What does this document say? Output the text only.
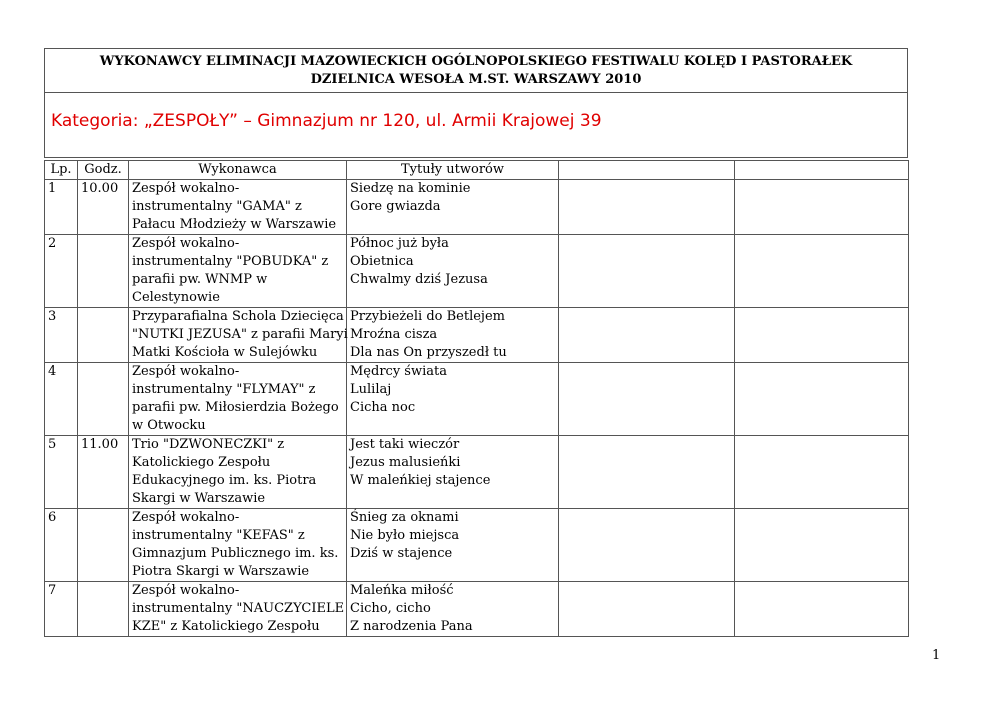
WYKONAWCY ELIMINACJI MAZOWIECKICH OGÓLNOPOLSKIEGO FESTIWALU KOLĘD I PASTORAŁEK
DZIELNICA WESOŁA M.ST. WARSZAWY 2010
Kategoria: „ZESPOŁY” – Gimnazjum nr 120, ul. Armii Krajowej 39
Lp.	Godz.	Wykonawca	Tytuły utworów		
1	10.00	Zespół wokalno-
instrumentalny "GAMA" z
Pałacu Młodzieży w Warszawie	Siedzę na kominie
Gore gwiazda		

2		Zespół wokalno-
instrumentalny "POBUDKA" z
parafii pw. WNMP w
Celestynowie	Północ już była
Obietnica
Chwalmy dziś Jezusa		

3		Przyparafialna Schola Dziecięca
"NUTKI JEZUSA" z parafii Maryi
Matki Kościoła w Sulejówku	Przybieżeli do Betlejem
Mroźna cisza
Dla nas On przyszedł tu		

4		Zespół wokalno-
instrumentalny "FLYMAY" z
parafii pw. Miłosierdzia Bożego
w Otwocku	Mędrcy świata
Lulilaj
Cicha noc		

5	11.00	Trio "DZWONECZKI" z
Katolickiego Zespołu
Edukacyjnego im. ks. Piotra
Skargi w Warszawie	Jest taki wieczór
Jezus malusieńki
W maleńkiej stajence		

6		Zespół wokalno-
instrumentalny "KEFAS" z
Gimnazjum Publicznego im. ks.
Piotra Skargi w Warszawie	Śnieg za oknami
Nie było miejsca
Dziś w stajence		

7		Zespół wokalno-
instrumentalny "NAUCZYCIELE
KZE" z Katolickiego Zespołu	Maleńka miłość
Cicho, cicho
Z narodzenia Pana		

1
